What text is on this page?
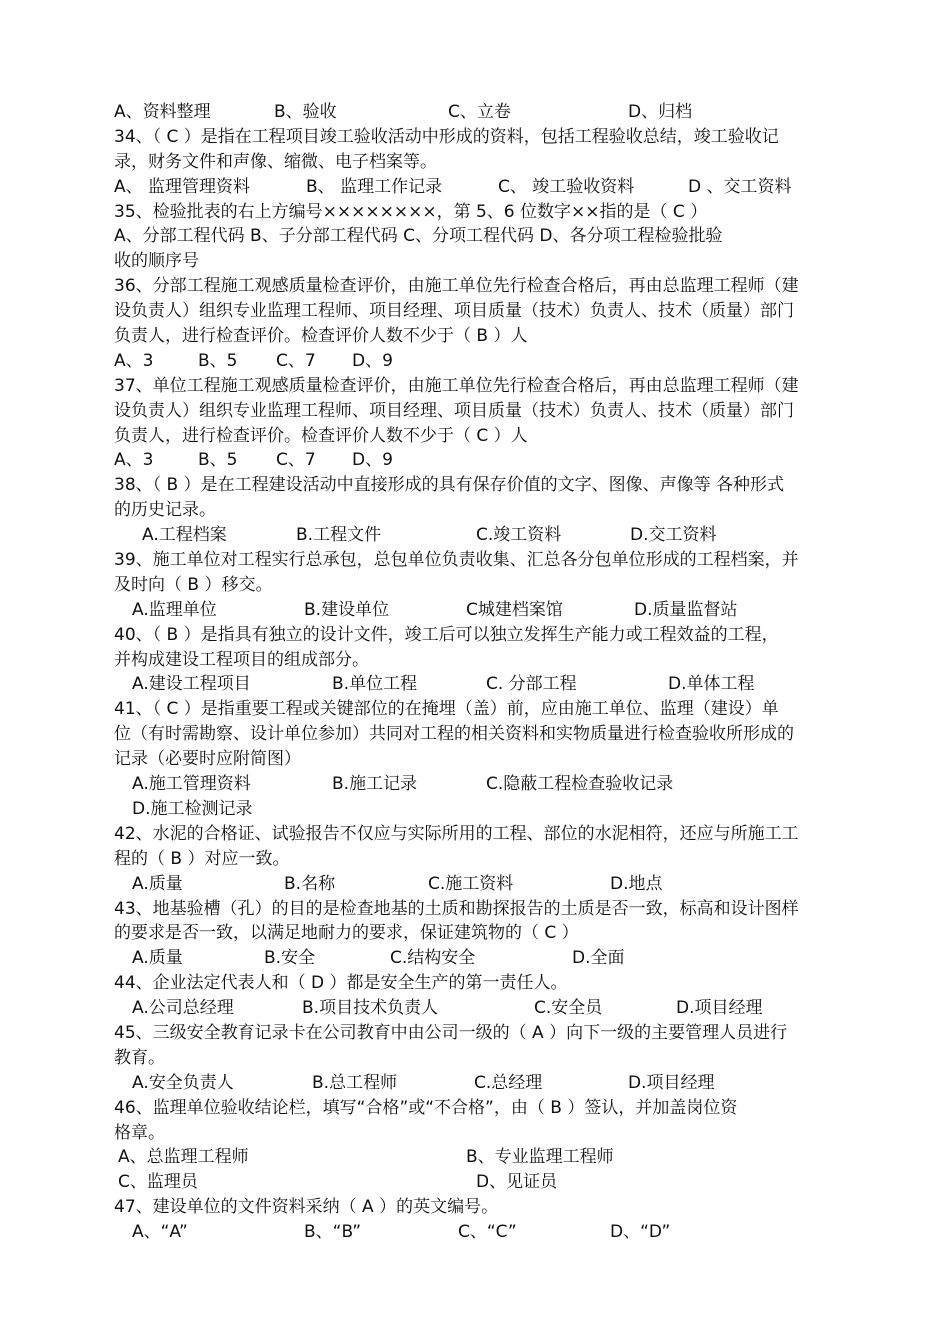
A、资料整理	B、验收	C、立卷	D、归档
34、（ C ）是指在工程项目竣工验收活动中形成的资料，包括工程验收总结，竣工验收记
录，财务文件和声像、缩微、电子档案等。
A、 监理管理资料	B、 监理工作记录	C、 竣工验收资料	D 、交工资料
35、检验批表的右上方编号××××××××，第 5、6 位数字××指的是（ C ）
A、分部工程代码 B、子分部工程代码 C、分项工程代码 D、各分项工程检验批验
收的顺序号
36、分部工程施工观感质量检查评价，由施工单位先行检查合格后，再由总监理工程师（建
设负责人）组织专业监理工程师、项目经理、项目质量（技术）负责人、技术（质量）部门
负责人，进行检查评价。检查评价人数不少于（ B ）人
A、3	B、5 C、7 D、9
37、单位工程施工观感质量检查评价，由施工单位先行检查合格后，再由总监理工程师（建
设负责人）组织专业监理工程师、项目经理、项目质量（技术）负责人、技术（质量）部门
负责人，进行检查评价。检查评价人数不少于（ C ）人
A、3	B、5 C、7 D、9
38、（ B ）是在工程建设活动中直接形成的具有保存价值的文字、图像、声像等 各种形式
的历史记录。
A.工程档案	B.工程文件	C.竣工资料	D.交工资料
39、施工单位对工程实行总承包，总包单位负责收集、汇总各分包单位形成的工程档案，并
及时向（ B ）移交。
A.监理单位	B.建设单位	C城建档案馆	D.质量监督站
40、（ B ）是指具有独立的设计文件，竣工后可以独立发挥生产能力或工程效益的工程，
并构成建设工程项目的组成部分。
A.建设工程项目	B.单位工程	C. 分部工程	D.单体工程
41、（ C ）是指重要工程或关键部位的在掩埋（盖）前，应由施工单位、监理（建设）单
位（有时需勘察、设计单位参加）共同对工程的相关资料和实物质量进行检查验收所形成的
记录（必要时应附简图）
A.施工管理资料	B.施工记录	C.隐蔽工程检查验收记录
D.施工检测记录
42、水泥的合格证、试验报告不仅应与实际所用的工程、部位的水泥相符，还应与所施工工
程的（ B ）对应一致。
A.质量	B.名称	C.施工资料	D.地点
43、地基验槽（孔）的目的是检查地基的土质和勘探报告的土质是否一致，标高和设计图样
的要求是否一致，以满足地耐力的要求，保证建筑物的（ C ）
A.质量	B.安全	C.结构安全	D.全面
44、企业法定代表人和（ D ）都是安全生产的第一责任人。
A.公司总经理	B.项目技术负责人	C.安全员	D.项目经理
45、三级安全教育记录卡在公司教育中由公司一级的（ A ）向下一级的主要管理人员进行
教育。
A.安全负责人	B.总工程师	C.总经理	D.项目经理
46、监理单位验收结论栏，填写“合格”或“不合格”，由（ B ）签认，并加盖岗位资
格章。
A、总监理工程师	B、专业监理工程师
C、监理员	D、见证员
47、建设单位的文件资料采纳（ A ）的英文编号。
A、“A”	B、“B”	C、“C”	D、“D”
